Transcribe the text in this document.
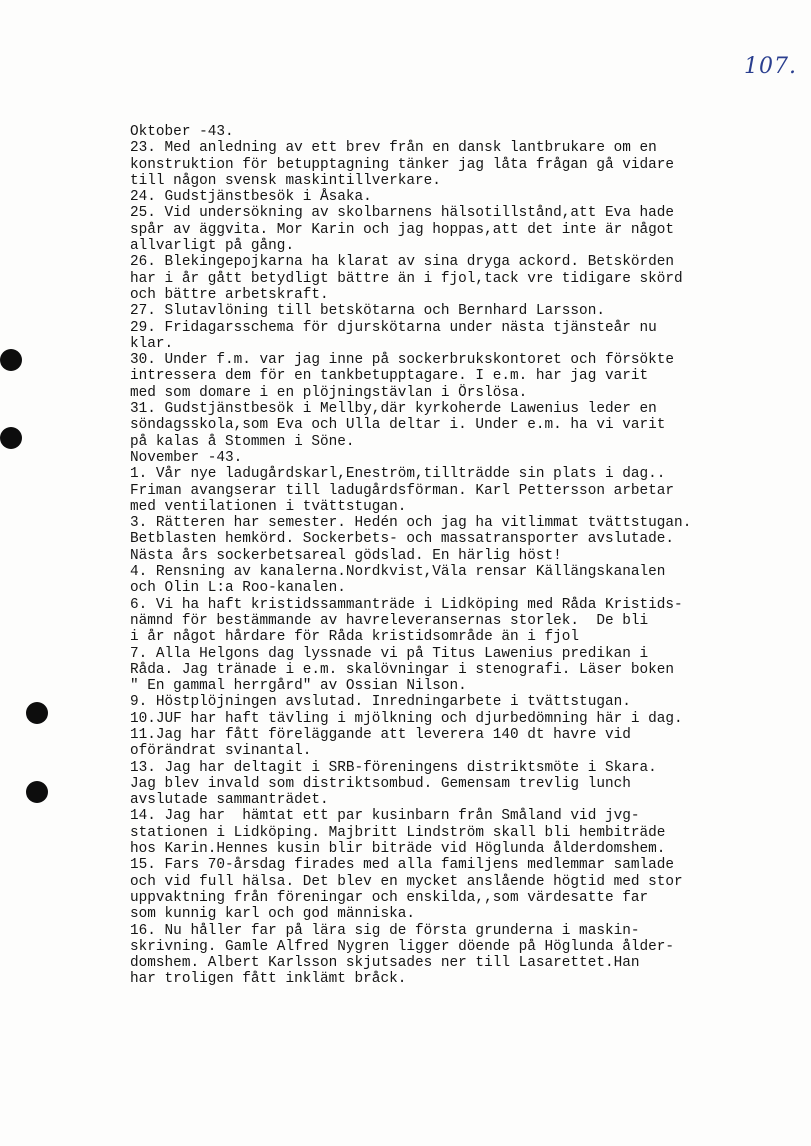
107.
Oktober -43.
23. Med anledning av ett brev från en dansk lantbrukare om en
konstruktion för betupptagning tänker jag låta frågan gå vidare
till någon svensk maskintillverkare.
24. Gudstjänstbesök i Åsaka.
25. Vid undersökning av skolbarnens hälsotillstånd,att Eva hade
spår av äggvita. Mor Karin och jag hoppas,att det inte är något
allvarligt på gång.
26. Blekingepojkarna ha klarat av sina dryga ackord. Betskörden
har i år gått betydligt bättre än i fjol,tack vre tidigare skörd
och bättre arbetskraft.
27. Slutavlöning till betskötarna och Bernhard Larsson.
29. Fridagarsschema för djurskötarna under nästa tjänsteår nu
klar.
30. Under f.m. var jag inne på sockerbrukskontoret och försökte
intressera dem för en tankbetupptagare. I e.m. har jag varit
med som domare i en plöjningstävlan i Örslösa.
31. Gudstjänstbesök i Mellby,där kyrkoherde Lawenius leder en
söndagsskola,som Eva och Ulla deltar i. Under e.m. ha vi varit
på kalas å Stommen i Söne.
November -43.
1. Vår nye ladugårdskarl,Eneström,tillträdde sin plats i dag..
Friman avangserar till ladugårdsförman. Karl Pettersson arbetar
med ventilationen i tvättstugan.
3. Rätteren har semester. Hedén och jag ha vitlimmat tvättstugan.
Betblasten hemkörd. Sockerbets- och massatransporter avslutade.
Nästa års sockerbetsareal gödslad. En härlig höst!
4. Rensning av kanalerna.Nordkvist,Väla rensar Källängskanalen
och Olin L:a Roo-kanalen.
6. Vi ha haft kristidssammanträde i Lidköping med Råda Kristids-
nämnd för bestämmande av havreleveransernas storlek.  De bli
i år något hårdare för Råda kristidsområde än i fjol
7. Alla Helgons dag lyssnade vi på Titus Lawenius predikan i
Råda. Jag tränade i e.m. skalövningar i stenografi. Läser boken
" En gammal herrgård" av Ossian Nilson.
9. Höstplöjningen avslutad. Inredningarbete i tvättstugan.
10.JUF har haft tävling i mjölkning och djurbedömning här i dag.
11.Jag har fått föreläggande att leverera 140 dt havre vid
oförändrat svinantal.
13. Jag har deltagit i SRB-föreningens distriktsmöte i Skara.
Jag blev invald som distriktsombud. Gemensam trevlig lunch
avslutade sammanträdet.
14. Jag har  hämtat ett par kusinbarn från Småland vid jvg-
stationen i Lidköping. Majbritt Lindström skall bli hembiträde
hos Karin.Hennes kusin blir biträde vid Höglunda ålderdomshem.
15. Fars 70-årsdag firades med alla familjens medlemmar samlade
och vid full hälsa. Det blev en mycket anslående högtid med stor
uppvaktning från föreningar och enskilda,,som värdesatte far
som kunnig karl och god människa.
16. Nu håller far på lära sig de första grunderna i maskin-
skrivning. Gamle Alfred Nygren ligger döende på Höglunda ålder-
domshem. Albert Karlsson skjutsades ner till Lasarettet.Han
har troligen fått inklämt bråck.
